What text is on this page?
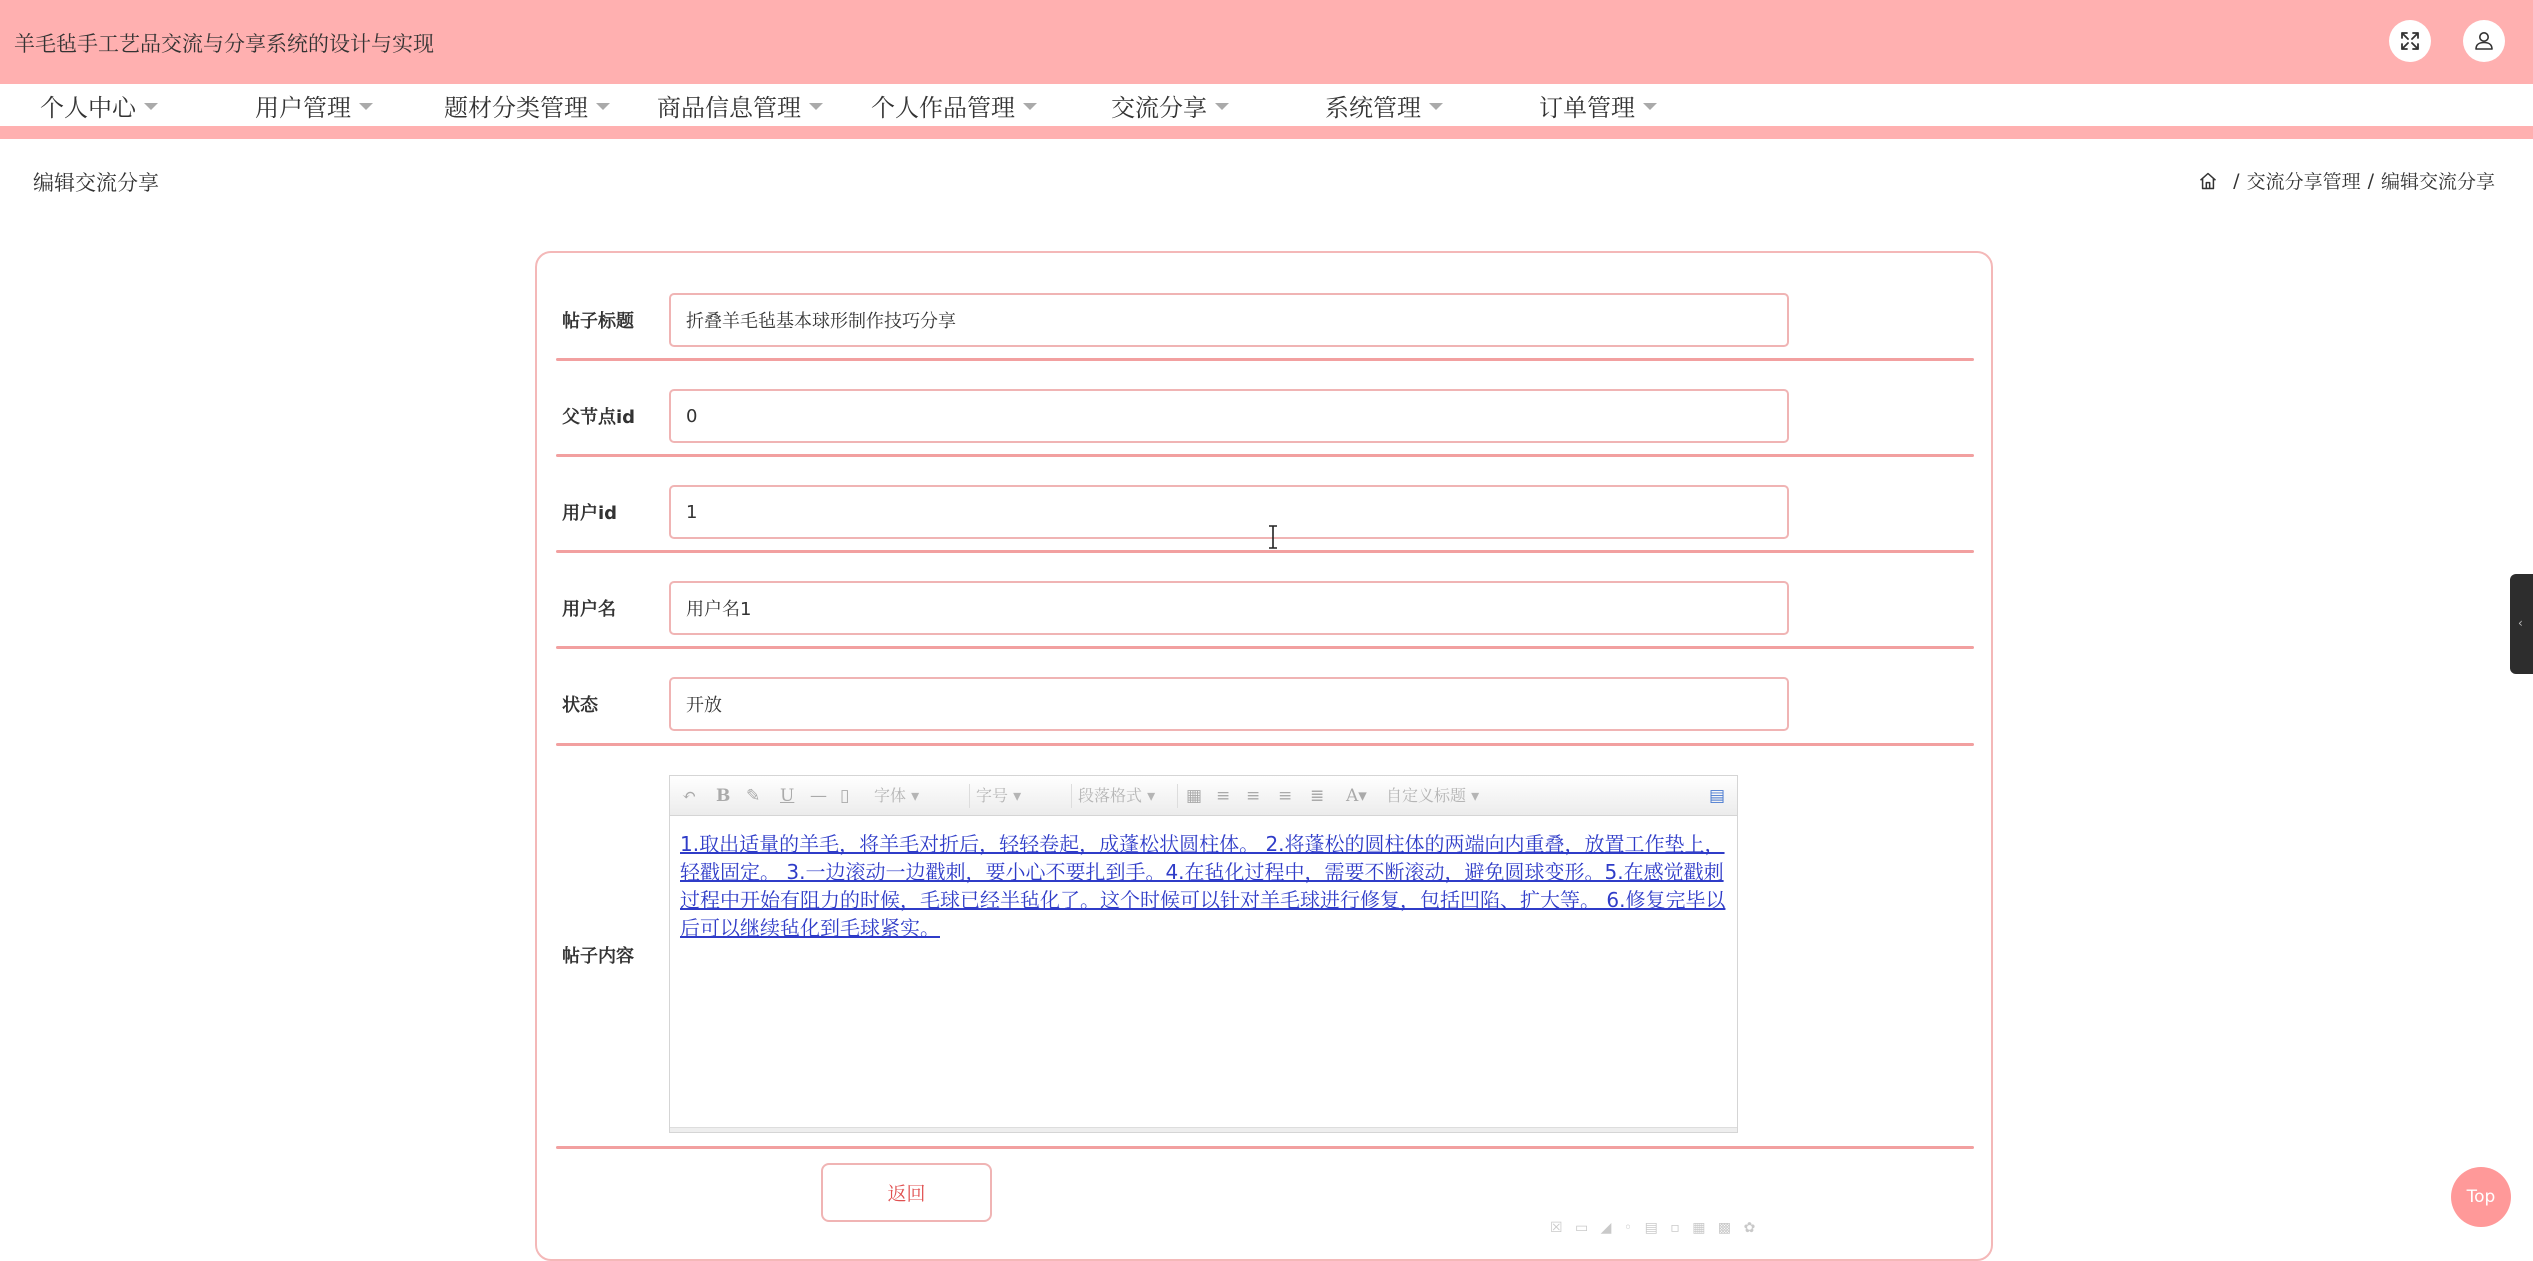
羊毛毡手工艺品交流与分享系统的设计与实现
个人中心	用户管理	题材分类管理	商品信息管理	个人作品管理	交流分享	系统管理	订单管理
编辑交流分享	/ 交流分享管理 / 编辑交流分享
帖子标题
折叠羊毛毡基本球形制作技巧分享
父节点id
0
用户id
1
用户名
用户名1
状态
开放
帖子内容
↶ B ✎ U — ▯ 字体 ▾	字号 ▾	段落格式 ▾	▦ ≡ ≡ ≡ ≣ A▾ 自定义标题 ▾	▤
1.取出适量的羊毛，将羊毛对折后，轻轻卷起，成蓬松状圆柱体。 2.将蓬松的圆柱体的两端向内重叠，放置工作垫上，轻戳固定。 3.一边滚动一边戳刺，要小心不要扎到手。4.在毡化过程中，需要不断滚动，避免圆球变形。5.在感觉戳刺过程中开始有阻力的时候，毛球已经半毡化了。这个时候可以针对羊毛球进行修复，包括凹陷、扩大等。 6.修复完毕以后可以继续毡化到毛球紧实。
返回
☒ ▭ ◢ ◦ ▤ ▫ ▦ ▩ ✿
‹
Top
